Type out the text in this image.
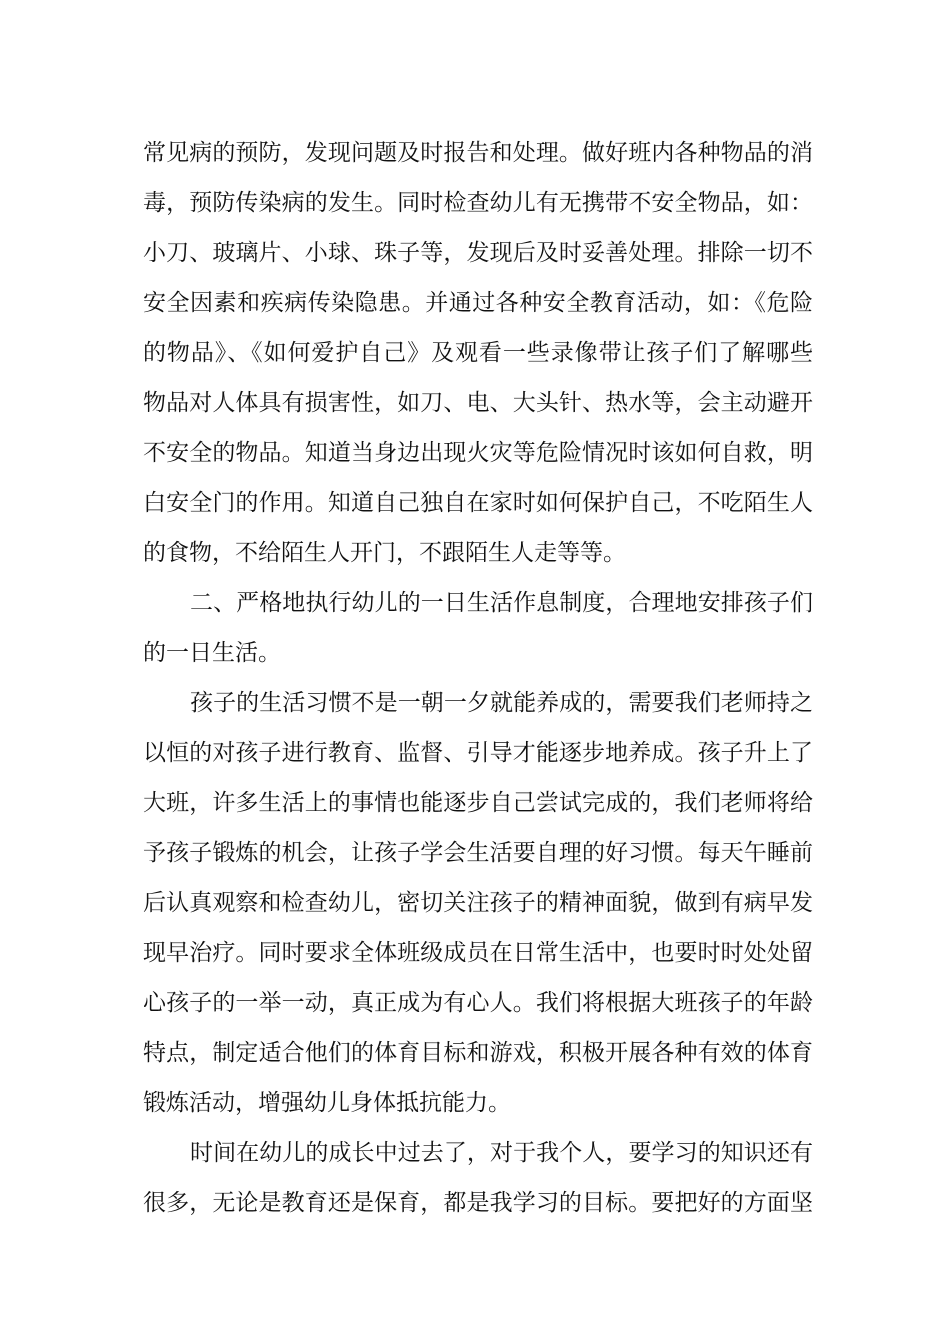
常见病的预防，发现问题及时报告和处理。做好班内各种物品的消
毒，预防传染病的发生。同时检查幼儿有无携带不安全物品，如：
小刀、玻璃片、小球、珠子等，发现后及时妥善处理。排除一切不
安全因素和疾病传染隐患。并通过各种安全教育活动，如：《危险
的物品》、《如何爱护自己》及观看一些录像带让孩子们了解哪些
物品对人体具有损害性，如刀、电、大头针、热水等，会主动避开
不安全的物品。知道当身边出现火灾等危险情况时该如何自救，明
白安全门的作用。知道自己独自在家时如何保护自己，不吃陌生人
的食物，不给陌生人开门，不跟陌生人走等等。
二、严格地执行幼儿的一日生活作息制度，合理地安排孩子们
的一日生活。
孩子的生活习惯不是一朝一夕就能养成的，需要我们老师持之
以恒的对孩子进行教育、监督、引导才能逐步地养成。孩子升上了
大班，许多生活上的事情也能逐步自己尝试完成的，我们老师将给
予孩子锻炼的机会，让孩子学会生活要自理的好习惯。每天午睡前
后认真观察和检查幼儿，密切关注孩子的精神面貌，做到有病早发
现早治疗。同时要求全体班级成员在日常生活中，也要时时处处留
心孩子的一举一动，真正成为有心人。我们将根据大班孩子的年龄
特点，制定适合他们的体育目标和游戏，积极开展各种有效的体育
锻炼活动，增强幼儿身体抵抗能力。
时间在幼儿的成长中过去了，对于我个人，要学习的知识还有
很多，无论是教育还是保育，都是我学习的目标。要把好的方面坚
